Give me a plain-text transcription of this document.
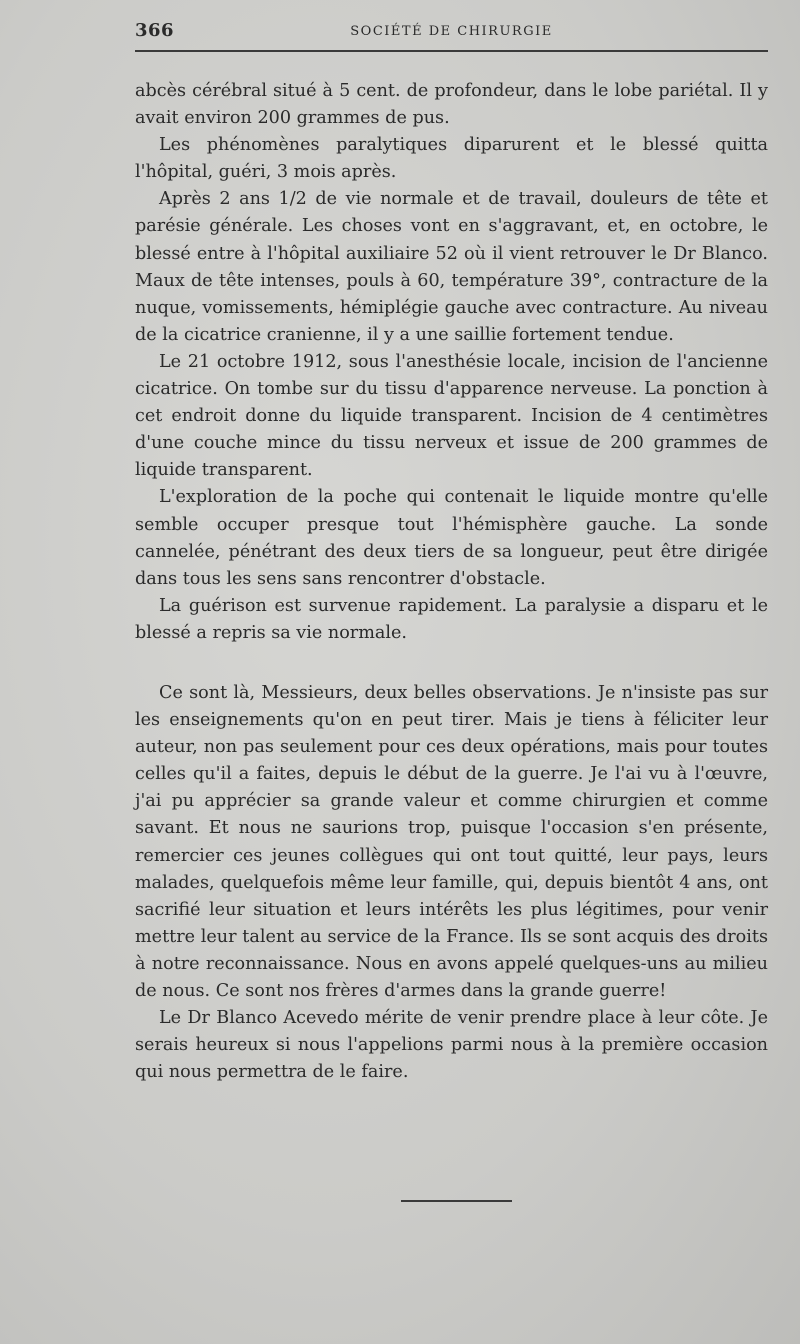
366	SOCIÉTÉ DE CHIRURGIE

abcès cérébral situé à 5 cent. de profondeur, dans le lobe pariétal. Il y avait environ 200 grammes de pus.

Les phénomènes paralytiques diparurent et le blessé quitta l'hôpital, guéri, 3 mois après.

Après 2 ans 1/2 de vie normale et de travail, douleurs de tête et parésie générale. Les choses vont en s'aggravant, et, en octobre, le blessé entre à l'hôpital auxiliaire 52 où il vient retrouver le Dr Blanco. Maux de tête intenses, pouls à 60, température 39°, contracture de la nuque, vomissements, hémiplégie gauche avec contracture. Au niveau de la cicatrice cranienne, il y a une saillie fortement tendue.

Le 21 octobre 1912, sous l'anesthésie locale, incision de l'ancienne cicatrice. On tombe sur du tissu d'apparence nerveuse. La ponction à cet endroit donne du liquide transparent. Incision de 4 centimètres d'une couche mince du tissu nerveux et issue de 200 grammes de liquide transparent.

L'exploration de la poche qui contenait le liquide montre qu'elle semble occuper presque tout l'hémisphère gauche. La sonde cannelée, pénétrant des deux tiers de sa longueur, peut être dirigée dans tous les sens sans rencontrer d'obstacle.

La guérison est survenue rapidement. La paralysie a disparu et le blessé a repris sa vie normale.

Ce sont là, Messieurs, deux belles observations. Je n'insiste pas sur les enseignements qu'on en peut tirer. Mais je tiens à féliciter leur auteur, non pas seulement pour ces deux opérations, mais pour toutes celles qu'il a faites, depuis le début de la guerre. Je l'ai vu à l'œuvre, j'ai pu apprécier sa grande valeur et comme chirurgien et comme savant. Et nous ne saurions trop, puisque l'occasion s'en présente, remercier ces jeunes collègues qui ont tout quitté, leur pays, leurs malades, quelquefois même leur famille, qui, depuis bientôt 4 ans, ont sacrifié leur situation et leurs intérêts les plus légitimes, pour venir mettre leur talent au service de la France. Ils se sont acquis des droits à notre reconnaissance. Nous en avons appelé quelques-uns au milieu de nous. Ce sont nos frères d'armes dans la grande guerre!

Le Dr Blanco Acevedo mérite de venir prendre place à leur côte. Je serais heureux si nous l'appelions parmi nous à la première occasion qui nous permettra de le faire.
